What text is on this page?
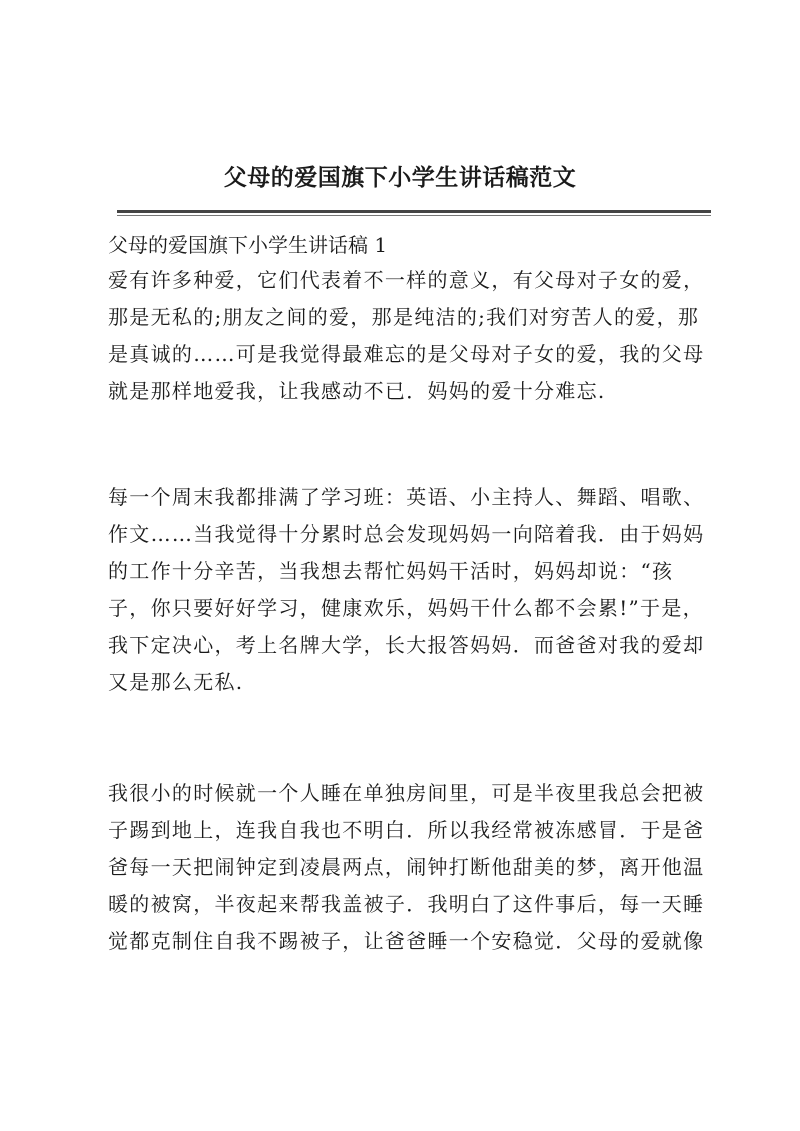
父母的爱国旗下小学生讲话稿范文
父母的爱国旗下小学生讲话稿 1
爱有许多种爱，它们代表着不一样的意义，有父母对子女的爱，
那是无私的;朋友之间的爱，那是纯洁的;我们对穷苦人的爱，那
是真诚的……可是我觉得最难忘的是父母对子女的爱，我的父母
就是那样地爱我，让我感动不已．妈妈的爱十分难忘.
每一个周末我都排满了学习班：英语、小主持人、舞蹈、唱歌、
作文……当我觉得十分累时总会发现妈妈一向陪着我．由于妈妈
的工作十分辛苦，当我想去帮忙妈妈干活时，妈妈却说：“孩
子，你只要好好学习，健康欢乐，妈妈干什么都不会累!”于是，
我下定决心，考上名牌大学，长大报答妈妈．而爸爸对我的爱却
又是那么无私.
我很小的时候就一个人睡在单独房间里，可是半夜里我总会把被
子踢到地上，连我自我也不明白．所以我经常被冻感冒．于是爸
爸每一天把闹钟定到凌晨两点，闹钟打断他甜美的梦，离开他温
暖的被窝，半夜起来帮我盖被子．我明白了这件事后，每一天睡
觉都克制住自我不踢被子，让爸爸睡一个安稳觉．父母的爱就像
